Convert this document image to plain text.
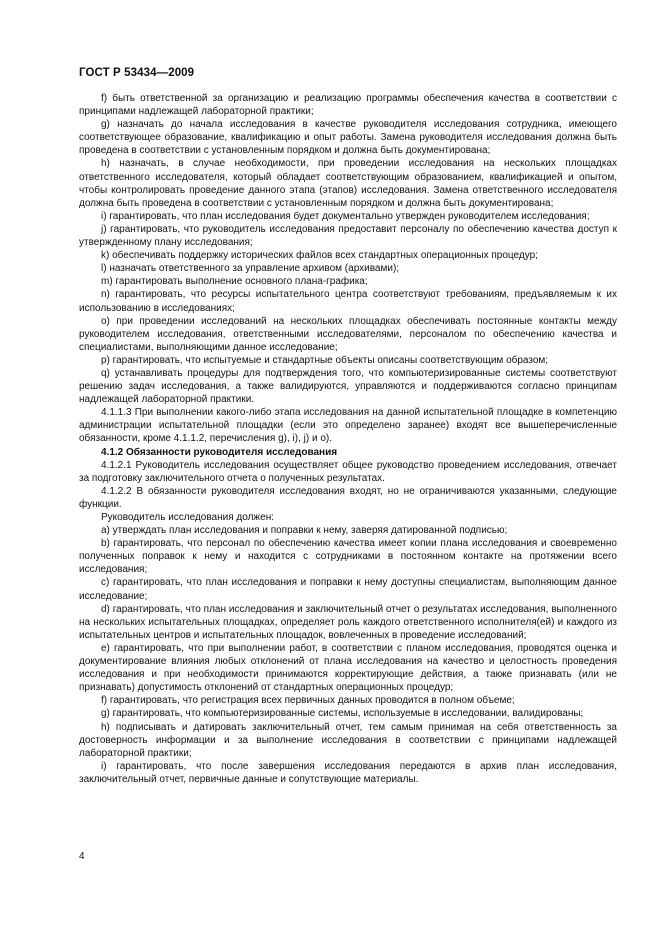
ГОСТ Р 53434—2009

f) быть ответственной за организацию и реализацию программы обеспечения качества в соответствии с принципами надлежащей лабораторной практики;

g) назначать до начала исследования в качестве руководителя исследования сотрудника, имеющего соответствующее образование, квалификацию и опыт работы. Замена руководителя исследования должна быть проведена в соответствии с установленным порядком и должна быть документирована;

h) назначать, в случае необходимости, при проведении исследования на нескольких площадках ответственного исследователя, который обладает соответствующим образованием, квалификацией и опытом, чтобы контролировать проведение данного этапа (этапов) исследования. Замена ответственного исследователя должна быть проведена в соответствии с установленным порядком и должна быть документирована;

i) гарантировать, что план исследования будет документально утвержден руководителем исследования;

j) гарантировать, что руководитель исследования предоставит персоналу по обеспечению качества доступ к утвержденному плану исследования;

k) обеспечивать поддержку исторических файлов всех стандартных операционных процедур;

l) назначать ответственного за управление архивом (архивами);

m) гарантировать выполнение основного плана-графика;

n) гарантировать, что ресурсы испытательного центра соответствуют требованиям, предъявляемым к их использованию в исследованиях;

o) при проведении исследований на нескольких площадках обеспечивать постоянные контакты между руководителем исследования, ответственными исследователями, персоналом по обеспечению качества и специалистами, выполняющими данное исследование;

p) гарантировать, что испытуемые и стандартные объекты описаны соответствующим образом;

q) устанавливать процедуры для подтверждения того, что компьютеризированные системы соответствуют решению задач исследования, а также валидируются, управляются и поддерживаются согласно принципам надлежащей лабораторной практики.

4.1.1.3 При выполнении какого-либо этапа исследования на данной испытательной площадке в компетенцию администрации испытательной площадки (если это определено заранее) входят все вышеперечисленные обязанности, кроме 4.1.1.2, перечисления g), i), j) и o).

4.1.2 Обязанности руководителя исследования

4.1.2.1 Руководитель исследования осуществляет общее руководство проведением исследования, отвечает за подготовку заключительного отчета о полученных результатах.

4.1.2.2 В обязанности руководителя исследования входят, но не ограничиваются указанными, следующие функции.

Руководитель исследования должен:

a) утверждать план исследования и поправки к нему, заверяя датированной подписью;

b) гарантировать, что персонал по обеспечению качества имеет копии плана исследования и своевременно полученных поправок к нему и находится с сотрудниками в постоянном контакте на протяжении всего исследования;

c) гарантировать, что план исследования и поправки к нему доступны специалистам, выполняющим данное исследование;

d) гарантировать, что план исследования и заключительный отчет о результатах исследования, выполненного на нескольких испытательных площадках, определяет роль каждого ответственного исполнителя(ей) и каждого из испытательных центров и испытательных площадок, вовлеченных в проведение исследований;

e) гарантировать, что при выполнении работ, в соответствии с планом исследования, проводятся оценка и документирование влияния любых отклонений от плана исследования на качество и целостность проведения исследования и при необходимости принимаются корректирующие действия, а также признавать (или не признавать) допустимость отклонений от стандартных операционных процедур;

f) гарантировать, что регистрация всех первичных данных проводится в полном объеме;

g) гарантировать, что компьютеризированные системы, используемые в исследовании, валидированы;

h) подписывать и датировать заключительный отчет, тем самым принимая на себя ответственность за достоверность информации и за выполнение исследования в соответствии с принципами надлежащей лабораторной практики;

i) гарантировать, что после завершения исследования передаются в архив план исследования, заключительный отчет, первичные данные и сопутствующие материалы.

4
